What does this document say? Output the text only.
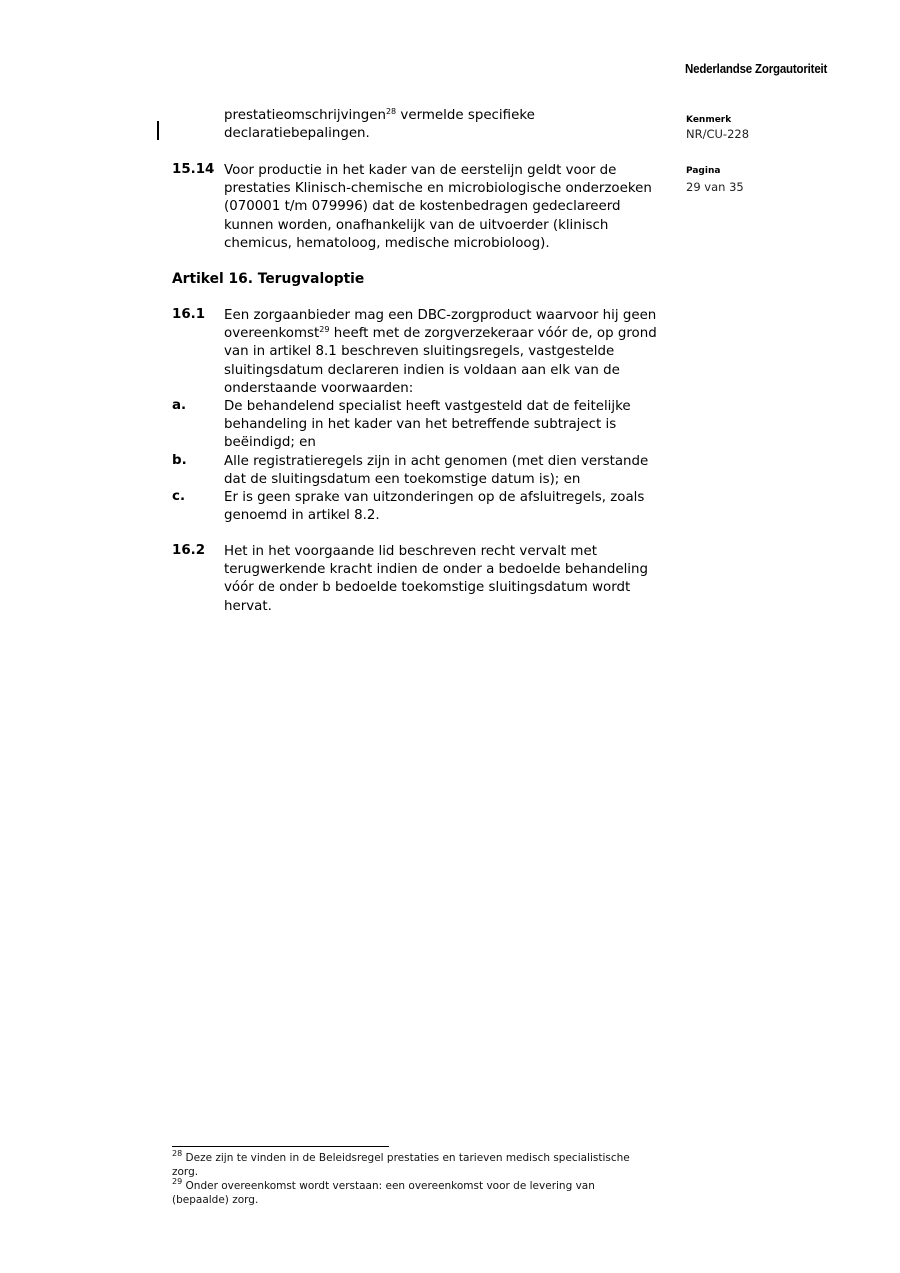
Nederlandse Zorgautoriteit
Kenmerk
NR/CU-228
Pagina
29 van 35
prestatieomschrijvingen$^{28}$ vermelde specifieke
declaratiebepalingen.
15.14 Voor productie in het kader van de eerstelijn geldt voor de
prestaties Klinisch-chemische en microbiologische onderzoeken
(070001 t/m 079996) dat de kostenbedragen gedeclareerd
kunnen worden, onafhankelijk van de uitvoerder (klinisch
chemicus, hematoloog, medische microbioloog).
Artikel 16. Terugvaloptie
16.1 Een zorgaanbieder mag een DBC-zorgproduct waarvoor hij geen
overeenkomst$^{29}$ heeft met de zorgverzekeraar vóór de, op grond
van in artikel 8.1 beschreven sluitingsregels, vastgestelde
sluitingsdatum declareren indien is voldaan aan elk van de
onderstaande voorwaarden:
a.	De behandelend specialist heeft vastgesteld dat de feitelijke
behandeling in het kader van het betreffende subtraject is
beëindigd; en
b.	Alle registratieregels zijn in acht genomen (met dien verstande
dat de sluitingsdatum een toekomstige datum is); en
c.	Er is geen sprake van uitzonderingen op de afsluitregels, zoals
genoemd in artikel 8.2.
16.2 Het in het voorgaande lid beschreven recht vervalt met
terugwerkende kracht indien de onder a bedoelde behandeling
vóór de onder b bedoelde toekomstige sluitingsdatum wordt
hervat.
$^{28}$ Deze zijn te vinden in de Beleidsregel prestaties en tarieven medisch specialistische
zorg.
$^{29}$ Onder overeenkomst wordt verstaan: een overeenkomst voor de levering van
(bepaalde) zorg.
